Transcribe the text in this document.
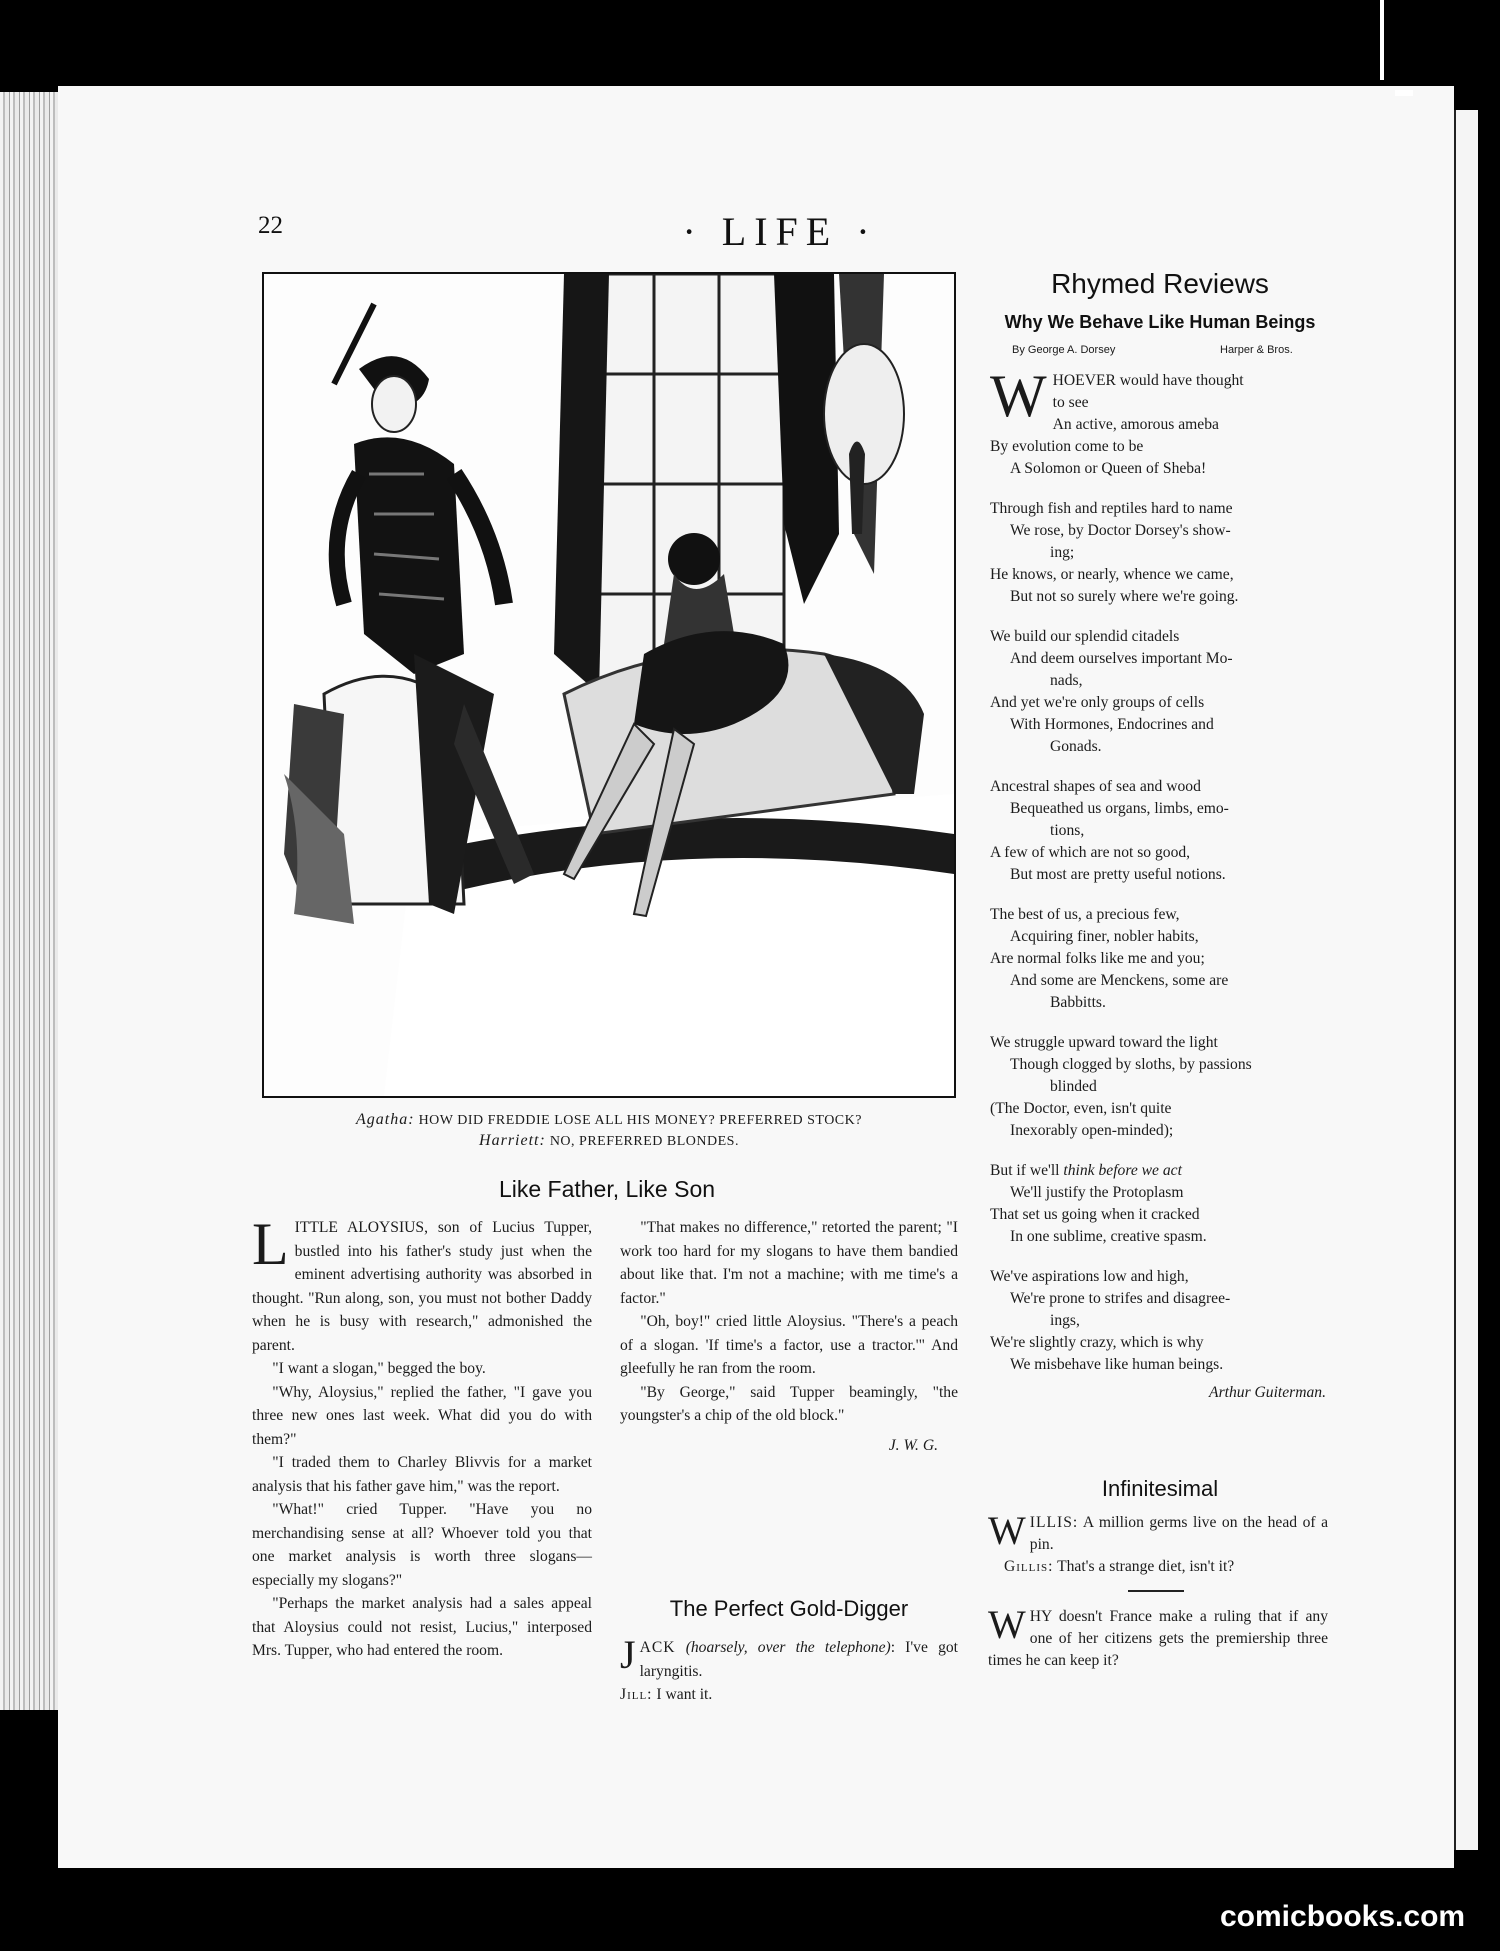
22	· LIFE ·
Agatha: HOW DID FREDDIE LOSE ALL HIS MONEY? PREFERRED STOCK?
Harriett: NO, PREFERRED BLONDES.
Like Father, Like Son

LITTLE ALOYSIUS, son of Lucius Tupper, bustled into his father's study just when the eminent advertising authority was absorbed in thought. "Run along, son, you must not bother Daddy when he is busy with research," admonished the parent.

"I want a slogan," begged the boy.

"Why, Aloysius," replied the father, "I gave you three new ones last week. What did you do with them?"

"I traded them to Charley Blivvis for a market analysis that his father gave him," was the report.

"What!" cried Tupper. "Have you no merchandising sense at all? Whoever told you that one market analysis is worth three slogans—especially my slogans?"

"Perhaps the market analysis had a sales appeal that Aloysius could not resist, Lucius," interposed Mrs. Tupper, who had entered the room.

"That makes no difference," retorted the parent; "I work too hard for my slogans to have them bandied about like that. I'm not a machine; with me time's a factor."

"Oh, boy!" cried little Aloysius. "There's a peach of a slogan. 'If time's a factor, use a tractor.'" And gleefully he ran from the room.

"By George," said Tupper beamingly, "the youngster's a chip of the old block."

J. W. G.
The Perfect Gold-Digger

JACK (hoarsely, over the telephone): I've got laryngitis.

Jill: I want it.

Rhymed Reviews
Why We Behave Like Human Beings
By George A. Dorsey	Harper & Bros.
W HOEVER would have thought
to see
An active, amorous ameba
By evolution come to be
A Solomon or Queen of Sheba!
Through fish and reptiles hard to name
We rose, by Doctor Dorsey's show-
ing;
He knows, or nearly, whence we came,
But not so surely where we're going.
We build our splendid citadels
And deem ourselves important Mo-
nads,
And yet we're only groups of cells
With Hormones, Endocrines and
Gonads.
Ancestral shapes of sea and wood
Bequeathed us organs, limbs, emo-
tions,
A few of which are not so good,
But most are pretty useful notions.
The best of us, a precious few,
Acquiring finer, nobler habits,
Are normal folks like me and you;
And some are Menckens, some are
Babbitts.
We struggle upward toward the light
Though clogged by sloths, by passions
blinded
(The Doctor, even, isn't quite
Inexorably open-minded);
But if we'll think before we act
We'll justify the Protoplasm
That set us going when it cracked
In one sublime, creative spasm.
We've aspirations low and high,
We're prone to strifes and disagree-
ings,
We're slightly crazy, which is why
We misbehave like human beings.
Arthur Guiterman.
Infinitesimal

WILLIS: A million germs live on the head of a pin.

Gillis: That's a strange diet, isn't it?

WHY doesn't France make a ruling that if any one of her citizens gets the premiership three times he can keep it?

comicbooks.com
